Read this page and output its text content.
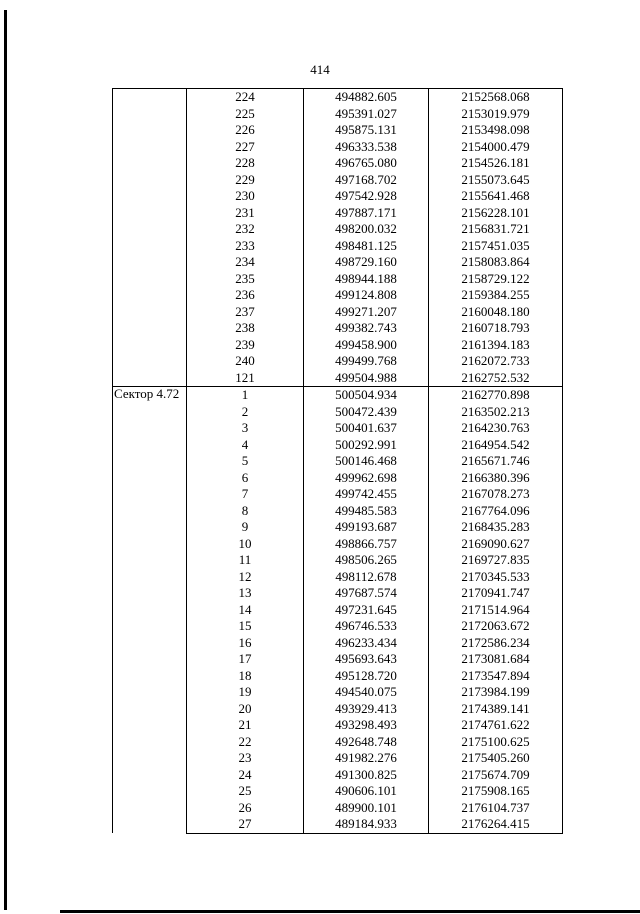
414
	224	494882.605	2152568.068
	225	495391.027	2153019.979
	226	495875.131	2153498.098
	227	496333.538	2154000.479
	228	496765.080	2154526.181
	229	497168.702	2155073.645
	230	497542.928	2155641.468
	231	497887.171	2156228.101
	232	498200.032	2156831.721
	233	498481.125	2157451.035
	234	498729.160	2158083.864
	235	498944.188	2158729.122
	236	499124.808	2159384.255
	237	499271.207	2160048.180
	238	499382.743	2160718.793
	239	499458.900	2161394.183
	240	499499.768	2162072.733
	121	499504.988	2162752.532
Сектор 4.72	1	500504.934	2162770.898
	2	500472.439	2163502.213
	3	500401.637	2164230.763
	4	500292.991	2164954.542
	5	500146.468	2165671.746
	6	499962.698	2166380.396
	7	499742.455	2167078.273
	8	499485.583	2167764.096
	9	499193.687	2168435.283
	10	498866.757	2169090.627
	11	498506.265	2169727.835
	12	498112.678	2170345.533
	13	497687.574	2170941.747
	14	497231.645	2171514.964
	15	496746.533	2172063.672
	16	496233.434	2172586.234
	17	495693.643	2173081.684
	18	495128.720	2173547.894
	19	494540.075	2173984.199
	20	493929.413	2174389.141
	21	493298.493	2174761.622
	22	492648.748	2175100.625
	23	491982.276	2175405.260
	24	491300.825	2175674.709
	25	490606.101	2175908.165
	26	489900.101	2176104.737
	27	489184.933	2176264.415
